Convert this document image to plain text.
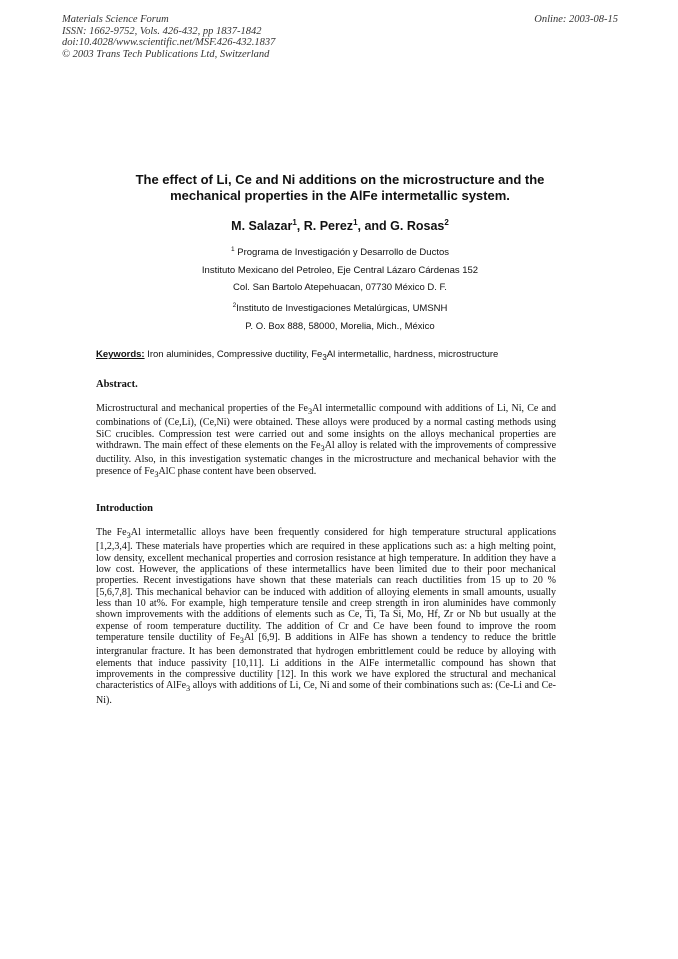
Materials Science Forum
ISSN: 1662-9752, Vols. 426-432, pp 1837-1842
doi:10.4028/www.scientific.net/MSF.426-432.1837
© 2003 Trans Tech Publications Ltd, Switzerland
Online: 2003-08-15
The effect of Li, Ce and Ni additions on the microstructure and the
mechanical properties in the AlFe intermetallic system.
M. Salazar$^1$, R. Perez$^1$, and G. Rosas$^2$
$^1$ Programa de Investigación y Desarrollo de Ductos
Instituto Mexicano del Petroleo, Eje Central Lázaro Cárdenas 152
Col. San Bartolo Atepehuacan, 07730 México D. F.
$^2$Instituto de Investigaciones Metalúrgicas, UMSNH
P. O. Box 888, 58000, Morelia, Mich., México
Keywords: Iron aluminides, Compressive ductility, $Fe_3Al$ intermetallic, hardness, microstructure
Abstract.
Microstructural and mechanical properties of the $Fe_3Al$ intermetallic compound with additions of Li, Ni, Ce and combinations of (Ce,Li), (Ce,Ni) were obtained. These alloys were produced by a normal casting methods using SiC crucibles. Compression test were carried out and some insights on the alloys mechanical properties are withdrawn. The main effect of these elements on the $Fe_3Al$ alloy is related with the improvements of compressive ductility. Also, in this investigation systematic changes in the microstructure and mechanical behavior with the presence of $Fe_3AlC$ phase content have been observed.
Introduction
The $Fe_3Al$ intermetallic alloys have been frequently considered for high temperature structural applications [1,2,3,4]. These materials have properties which are required in these applications such as: a high melting point, low density, excellent mechanical properties and corrosion resistance at high temperature. In addition they have a low cost. However, the applications of these intermetallics have been limited due to their poor mechanical properties. Recent investigations have shown that these materials can reach ductilities from 15 up to 20 % [5,6,7,8]. This mechanical behavior can be induced with addition of alloying elements in small amounts, usually less than 10 at%. For example, high temperature tensile and creep strength in iron aluminides have commonly shown improvements with the additions of elements such as Ce, Ti, Ta Si, Mo, Hf, Zr or Nb but usually at the expense of room temperature ductility. The addition of Cr and Ce have been found to improve the room temperature tensile ductility of $Fe_3Al$ [6,9]. B additions in AlFe has shown a tendency to reduce the brittle intergranular fracture. It has been demonstrated that hydrogen embrittlement could be reduce by alloying with elements that induce passivity [10,11]. Li additions in the AlFe intermetallic compound has shown that improvements in the compressive ductility [12]. In this work we have explored the structural and mechanical characteristics of AlFe$_3$ alloys with additions of Li, Ce, Ni and some of their combinations such as: (Ce-Li and Ce-Ni).
